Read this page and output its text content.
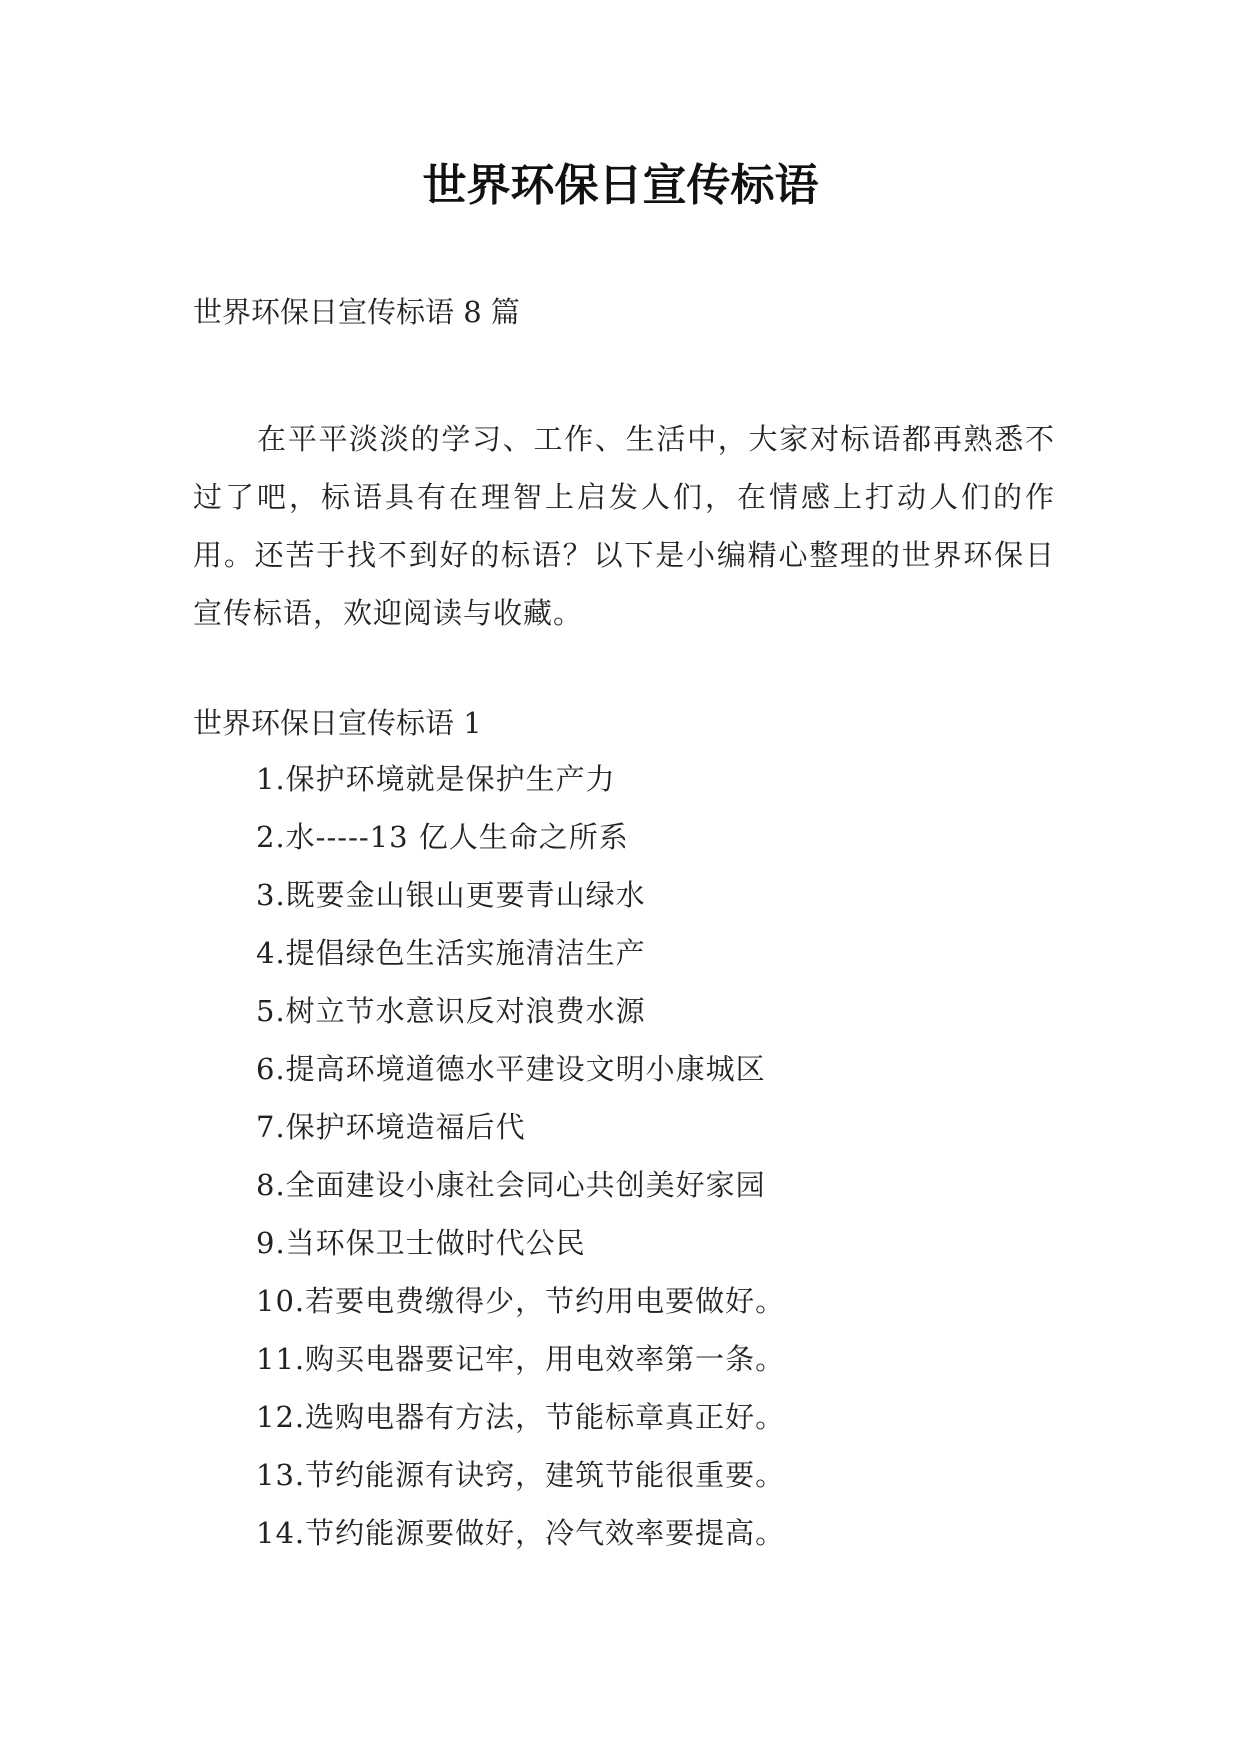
世界环保日宣传标语

世界环保日宣传标语 8 篇

在平平淡淡的学习、工作、生活中，大家对标语都再熟悉不过了吧，标语具有在理智上启发人们，在情感上打动人们的作用。还苦于找不到好的标语？以下是小编精心整理的世界环保日宣传标语，欢迎阅读与收藏。

世界环保日宣传标语 1

1.保护环境就是保护生产力
2.水-----13 亿人生命之所系
3.既要金山银山更要青山绿水
4.提倡绿色生活实施清洁生产
5.树立节水意识反对浪费水源
6.提高环境道德水平建设文明小康城区
7.保护环境造福后代
8.全面建设小康社会同心共创美好家园
9.当环保卫士做时代公民
10.若要电费缴得少，节约用电要做好。
11.购买电器要记牢，用电效率第一条。
12.选购电器有方法，节能标章真正好。
13.节约能源有诀窍，建筑节能很重要。
14.节约能源要做好，冷气效率要提高。
